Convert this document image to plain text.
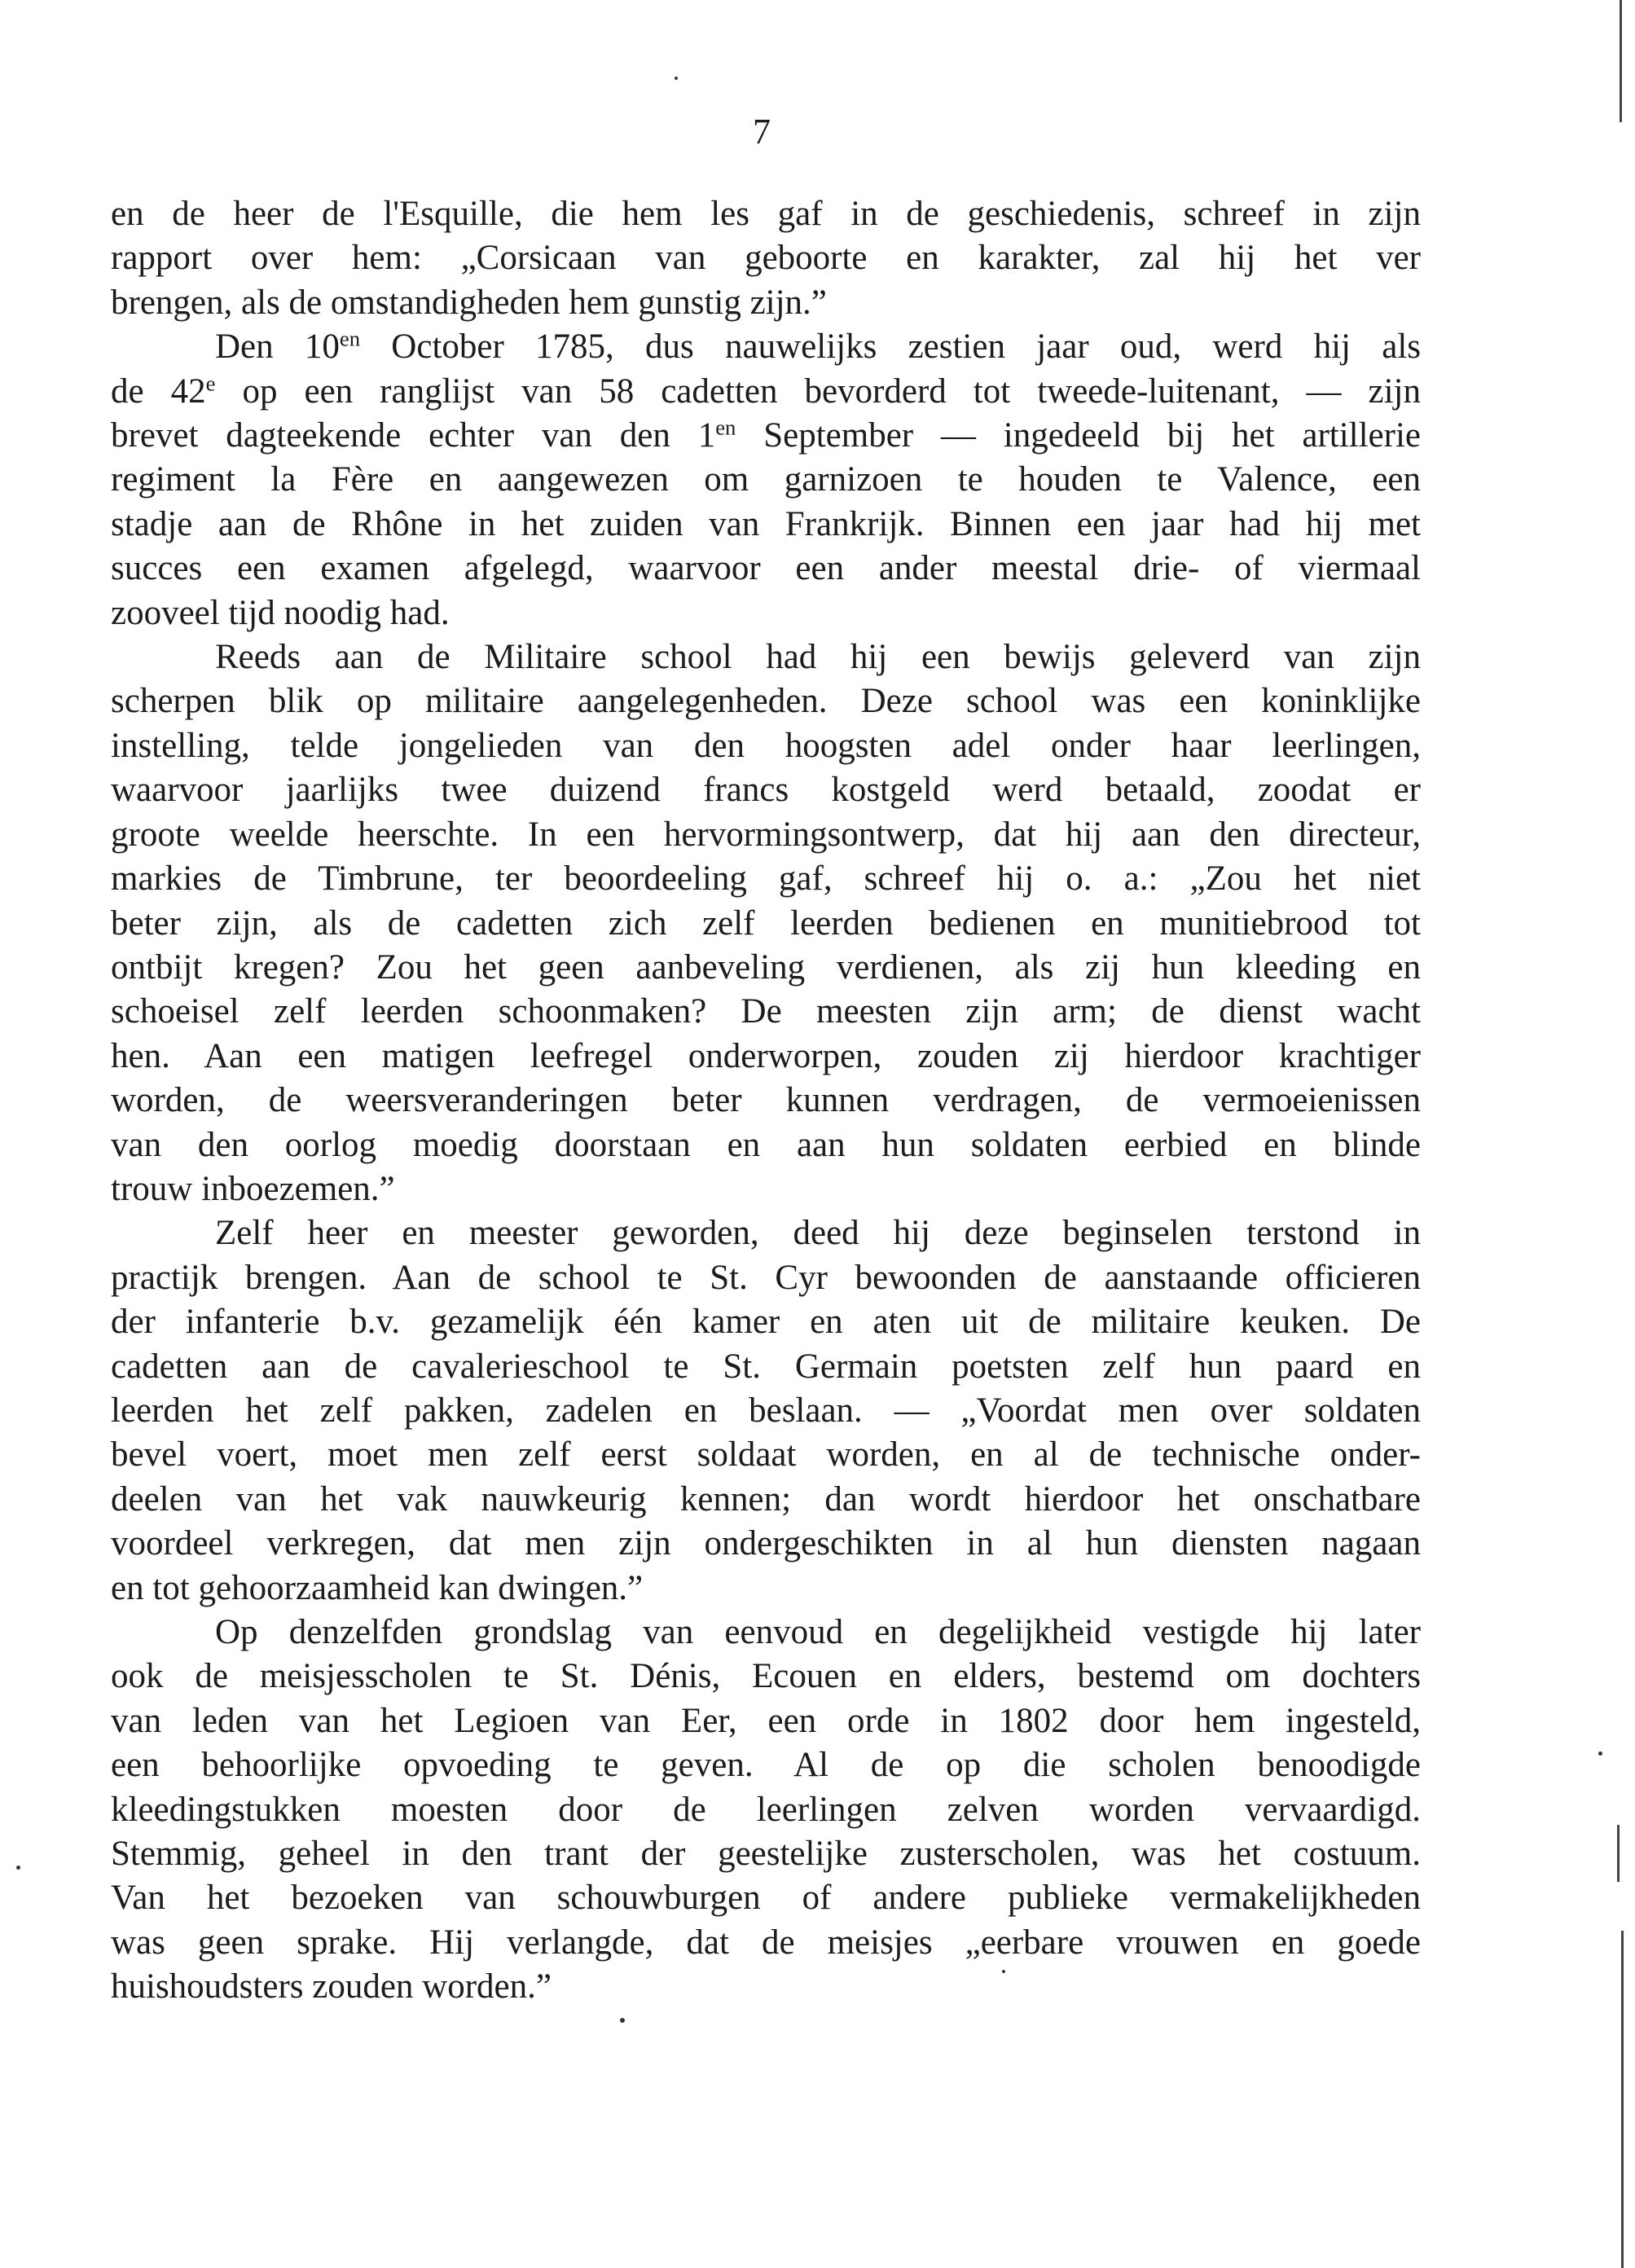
7
en de heer de l'Esquille, die hem les gaf in de geschiedenis, schreef in zijn
rapport over hem: „Corsicaan van geboorte en karakter, zal hij het ver
brengen, als de omstandigheden hem gunstig zijn.”
Den $10^{en}$ October 1785, dus nauwelijks zestien jaar oud, werd hij als
de 42e op een ranglijst van 58 cadetten bevorderd tot tweede-luitenant, — zijn
brevet dagteekende echter van den $1^{en}$ September — ingedeeld bij het artillerie
regiment la Fère en aangewezen om garnizoen te houden te Valence, een
stadje aan de Rhône in het zuiden van Frankrijk. Binnen een jaar had hij met
succes een examen afgelegd, waarvoor een ander meestal drie- of viermaal
zooveel tijd noodig had.
Reeds aan de Militaire school had hij een bewijs geleverd van zijn
scherpen blik op militaire aangelegenheden. Deze school was een koninklijke
instelling, telde jongelieden van den hoogsten adel onder haar leerlingen,
waarvoor jaarlijks twee duizend francs kostgeld werd betaald, zoodat er
groote weelde heerschte. In een hervormingsontwerp, dat hij aan den directeur,
markies de Timbrune, ter beoordeeling gaf, schreef hij o. a.: „Zou het niet
beter zijn, als de cadetten zich zelf leerden bedienen en munitiebrood tot
ontbijt kregen? Zou het geen aanbeveling verdienen, als zij hun kleeding en
schoeisel zelf leerden schoonmaken? De meesten zijn arm; de dienst wacht
hen. Aan een matigen leefregel onderworpen, zouden zij hierdoor krachtiger
worden, de weersveranderingen beter kunnen verdragen, de vermoeienissen
van den oorlog moedig doorstaan en aan hun soldaten eerbied en blinde
trouw inboezemen.”
Zelf heer en meester geworden, deed hij deze beginselen terstond in
practijk brengen. Aan de school te St. Cyr bewoonden de aanstaande officieren
der infanterie b.v. gezamelijk één kamer en aten uit de militaire keuken. De
cadetten aan de cavalerieschool te St. Germain poetsten zelf hun paard en
leerden het zelf pakken, zadelen en beslaan. — „Voordat men over soldaten
bevel voert, moet men zelf eerst soldaat worden, en al de technische onder-
deelen van het vak nauwkeurig kennen; dan wordt hierdoor het onschatbare
voordeel verkregen, dat men zijn ondergeschikten in al hun diensten nagaan
en tot gehoorzaamheid kan dwingen.”
Op denzelfden grondslag van eenvoud en degelijkheid vestigde hij later
ook de meisjesscholen te St. Dénis, Ecouen en elders, bestemd om dochters
van leden van het Legioen van Eer, een orde in 1802 door hem ingesteld,
een behoorlijke opvoeding te geven. Al de op die scholen benoodigde
kleedingstukken moesten door de leerlingen zelven worden vervaardigd.
Stemmig, geheel in den trant der geestelijke zusterscholen, was het costuum.
Van het bezoeken van schouwburgen of andere publieke vermakelijkheden
was geen sprake. Hij verlangde, dat de meisjes „eerbare vrouwen en goede
huishoudsters zouden worden.”
